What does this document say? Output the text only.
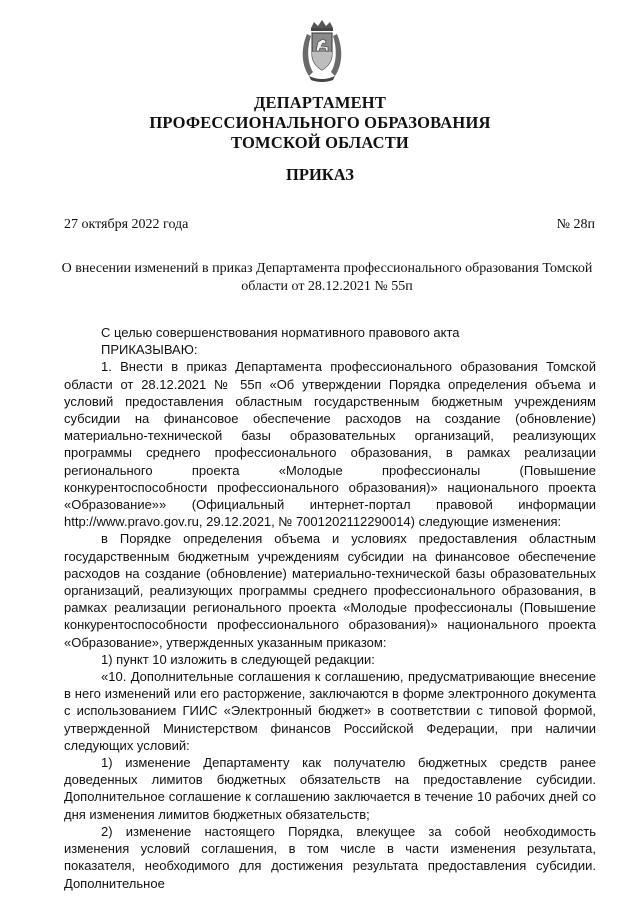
ДЕПАРТАМЕНТ
ПРОФЕССИОНАЛЬНОГО ОБРАЗОВАНИЯ
ТОМСКОЙ ОБЛАСТИ
ПРИКАЗ
27 октября 2022 года	№ 28п
О внесении изменений в приказ Департамента профессионального образования Томской области от 28.12.2021 № 55п

С целью совершенствования нормативного правового акта

ПРИКАЗЫВАЮ:

1. Внести в приказ Департамента профессионального образования Томской области от 28.12.2021 № 55п «Об утверждении Порядка определения объема и условий предоставления областным государственным бюджетным учреждениям субсидии на финансовое обеспечение расходов на создание (обновление) материально-технической базы образовательных организаций, реализующих программы среднего профессионального образования, в рамках реализации регионального проекта «Молодые профессионалы (Повышение конкурентоспособности профессионального образования)» национального проекта «Образование»» (Официальный интернет-портал правовой информации http://www.pravo.gov.ru, 29.12.2021, № 7001202112290014) следующие изменения:

в Порядке определения объема и условиях предоставления областным государственным бюджетным учреждениям субсидии на финансовое обеспечение расходов на создание (обновление) материально-технической базы образовательных организаций, реализующих программы среднего профессионального образования, в рамках реализации регионального проекта «Молодые профессионалы (Повышение конкурентоспособности профессионального образования)» национального проекта «Образование», утвержденных указанным приказом:

1) пункт 10 изложить в следующей редакции:

«10. Дополнительные соглашения к соглашению, предусматривающие внесение в него изменений или его расторжение, заключаются в форме электронного документа с использованием ГИИС «Электронный бюджет» в соответствии с типовой формой, утвержденной Министерством финансов Российской Федерации, при наличии следующих условий:

1) изменение Департаменту как получателю бюджетных средств ранее доведенных лимитов бюджетных обязательств на предоставление субсидии. Дополнительное соглашение к соглашению заключается в течение 10 рабочих дней со дня изменения лимитов бюджетных обязательств;

2) изменение настоящего Порядка, влекущее за собой необходимость изменения условий соглашения, в том числе в части изменения результата, показателя, необходимого для достижения результата предоставления субсидии. Дополнительное
